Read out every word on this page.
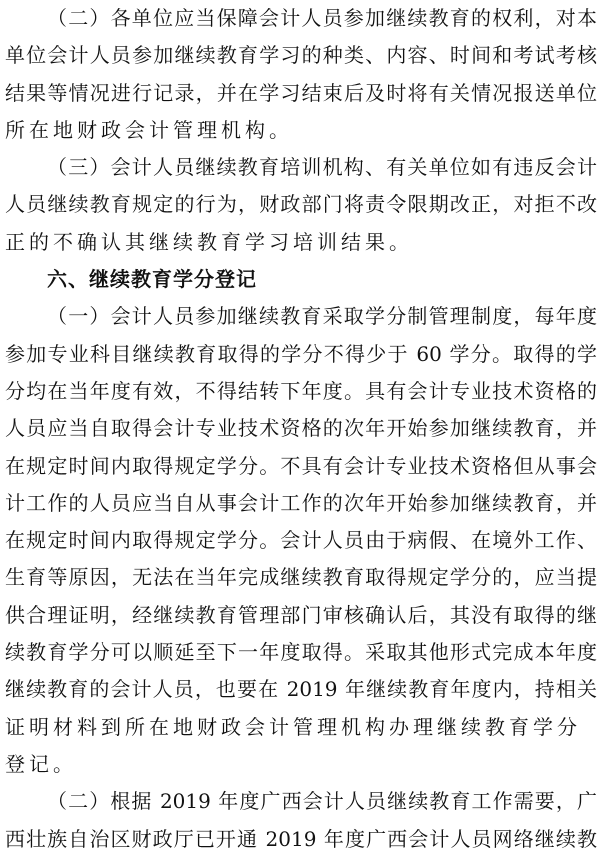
（二）各单位应当保障会计人员参加继续教育的权利，对本
单位会计人员参加继续教育学习的种类、内容、时间和考试考核
结果等情况进行记录，并在学习结束后及时将有关情况报送单位
所在地财政会计管理机构。
（三）会计人员继续教育培训机构、有关单位如有违反会计
人员继续教育规定的行为，财政部门将责令限期改正，对拒不改
正的不确认其继续教育学习培训结果。
六、继续教育学分登记
（一）会计人员参加继续教育采取学分制管理制度，每年度
参加专业科目继续教育取得的学分不得少于 60 学分。取得的学
分均在当年度有效，不得结转下年度。具有会计专业技术资格的
人员应当自取得会计专业技术资格的次年开始参加继续教育，并
在规定时间内取得规定学分。不具有会计专业技术资格但从事会
计工作的人员应当自从事会计工作的次年开始参加继续教育，并
在规定时间内取得规定学分。会计人员由于病假、在境外工作、
生育等原因，无法在当年完成继续教育取得规定学分的，应当提
供合理证明，经继续教育管理部门审核确认后，其没有取得的继
续教育学分可以顺延至下一年度取得。采取其他形式完成本年度
继续教育的会计人员，也要在 2019 年继续教育年度内，持相关
证明材料到所在地财政会计管理机构办理继续教育学分登记。
（二）根据 2019 年度广西会计人员继续教育工作需要，广
西壮族自治区财政厅已开通 2019 年度广西会计人员网络继续教
